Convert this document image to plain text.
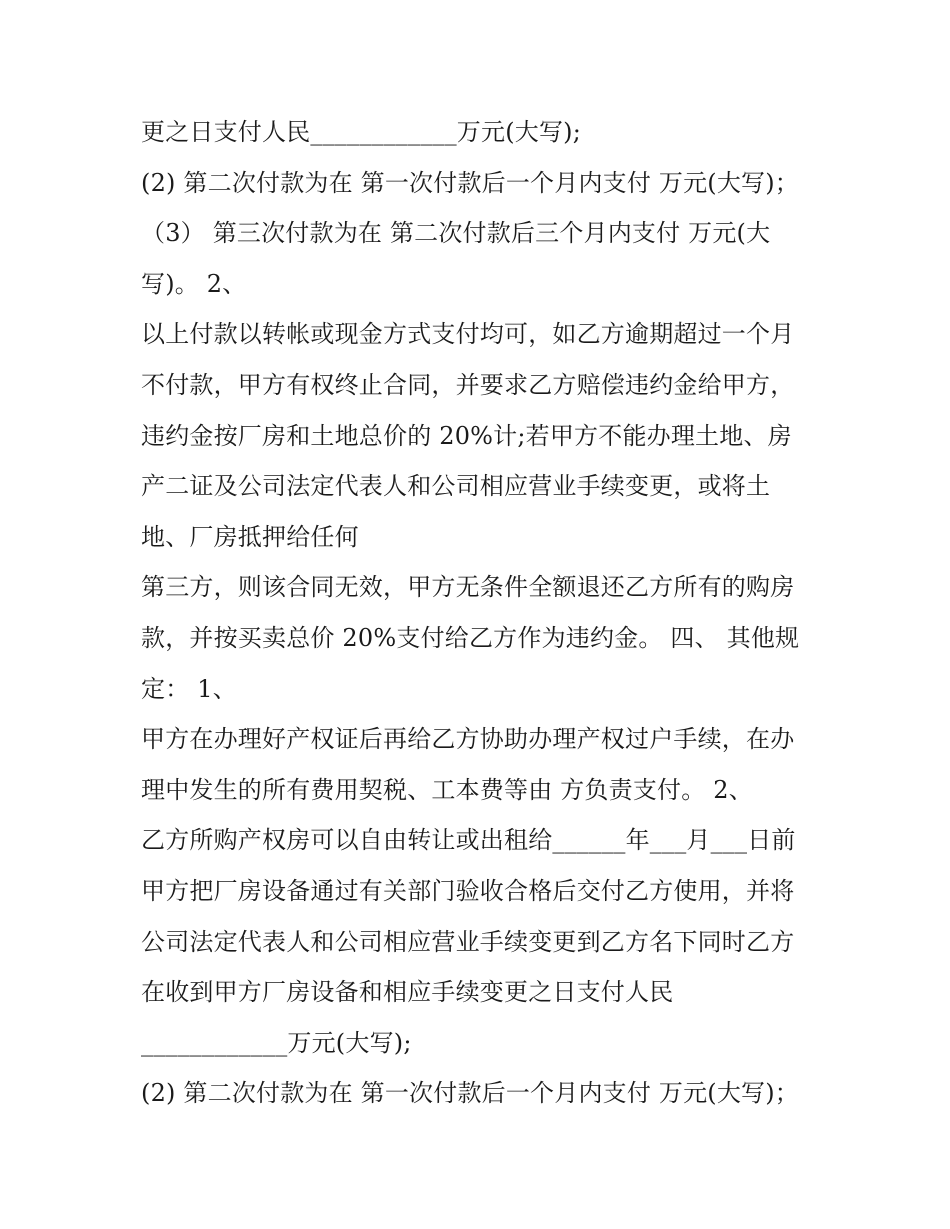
更之日支付人民____________万元(大写);
(2) 第二次付款为在 第一次付款后一个月内支付 万元(大写)；
（3） 第三次付款为在 第二次付款后三个月内支付 万元(大
写)。 2、
以上付款以转帐或现金方式支付均可，如乙方逾期超过一个月
不付款，甲方有权终止合同，并要求乙方赔偿违约金给甲方，
违约金按厂房和土地总价的 20%计;若甲方不能办理土地、房
产二证及公司法定代表人和公司相应营业手续变更，或将土
地、厂房抵押给任何
第三方，则该合同无效，甲方无条件全额退还乙方所有的购房
款，并按买卖总价 20%支付给乙方作为违约金。 四、 其他规
定： 1、
甲方在办理好产权证后再给乙方协助办理产权过户手续，在办
理中发生的所有费用契税、工本费等由 方负责支付。 2、
乙方所购产权房可以自由转让或出租给______年___月___日前
甲方把厂房设备通过有关部门验收合格后交付乙方使用，并将
公司法定代表人和公司相应营业手续变更到乙方名下同时乙方
在收到甲方厂房设备和相应手续变更之日支付人民
____________万元(大写);
(2) 第二次付款为在 第一次付款后一个月内支付 万元(大写)；
